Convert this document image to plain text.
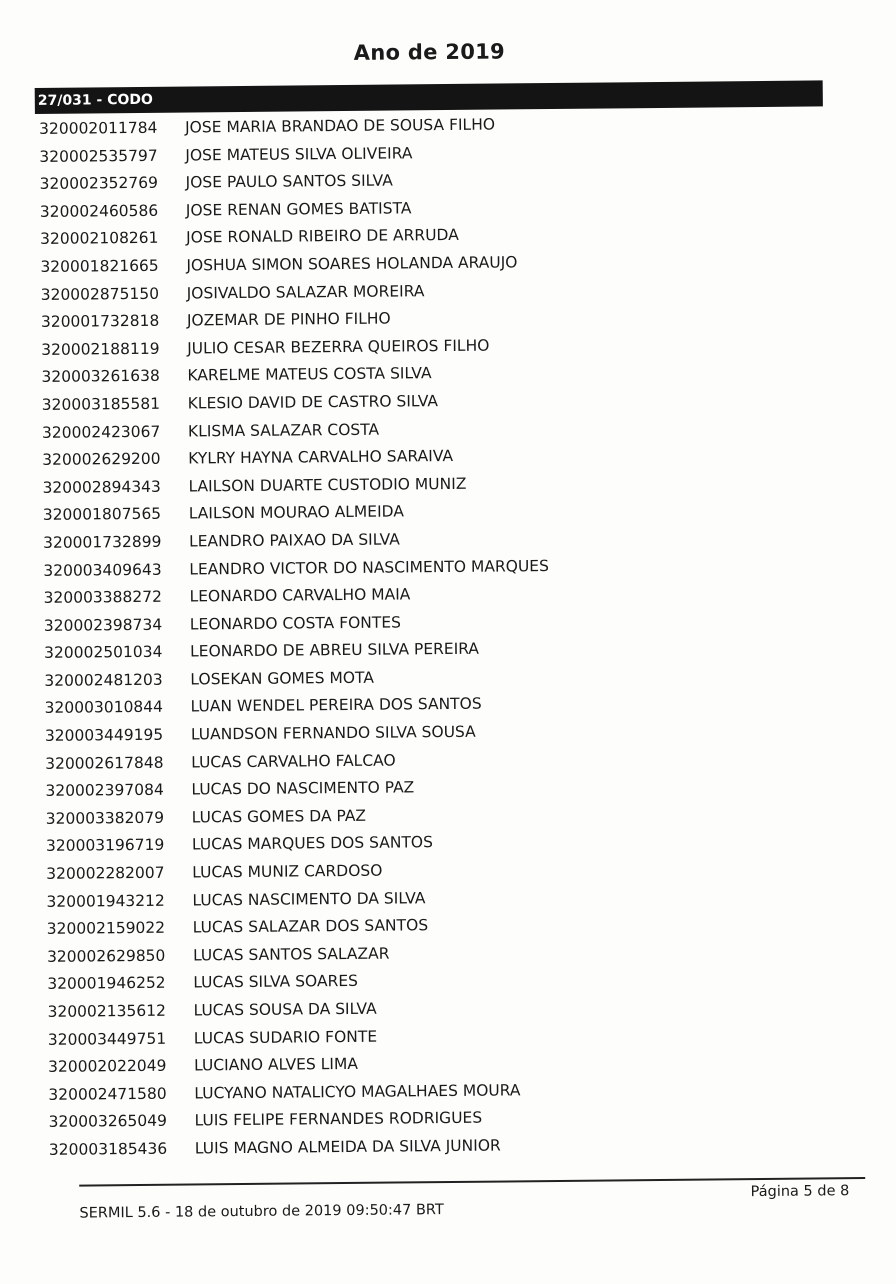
Ano de 2019
27/031 - CODO
320002011784	JOSE MARIA BRANDAO DE SOUSA FILHO
320002535797	JOSE MATEUS SILVA OLIVEIRA
320002352769	JOSE PAULO SANTOS SILVA
320002460586	JOSE RENAN GOMES BATISTA
320002108261	JOSE RONALD RIBEIRO DE ARRUDA
320001821665	JOSHUA SIMON SOARES HOLANDA ARAUJO
320002875150	JOSIVALDO SALAZAR MOREIRA
320001732818	JOZEMAR DE PINHO FILHO
320002188119	JULIO CESAR BEZERRA QUEIROS FILHO
320003261638	KARELME MATEUS COSTA SILVA
320003185581	KLESIO DAVID DE CASTRO SILVA
320002423067	KLISMA SALAZAR COSTA
320002629200	KYLRY HAYNA CARVALHO SARAIVA
320002894343	LAILSON DUARTE CUSTODIO MUNIZ
320001807565	LAILSON MOURAO ALMEIDA
320001732899	LEANDRO PAIXAO DA SILVA
320003409643	LEANDRO VICTOR DO NASCIMENTO MARQUES
320003388272	LEONARDO CARVALHO MAIA
320002398734	LEONARDO COSTA FONTES
320002501034	LEONARDO DE ABREU SILVA PEREIRA
320002481203	LOSEKAN GOMES MOTA
320003010844	LUAN WENDEL PEREIRA DOS SANTOS
320003449195	LUANDSON FERNANDO SILVA SOUSA
320002617848	LUCAS CARVALHO FALCAO
320002397084	LUCAS DO NASCIMENTO PAZ
320003382079	LUCAS GOMES DA PAZ
320003196719	LUCAS MARQUES DOS SANTOS
320002282007	LUCAS MUNIZ CARDOSO
320001943212	LUCAS NASCIMENTO DA SILVA
320002159022	LUCAS SALAZAR DOS SANTOS
320002629850	LUCAS SANTOS SALAZAR
320001946252	LUCAS SILVA SOARES
320002135612	LUCAS SOUSA DA SILVA
320003449751	LUCAS SUDARIO FONTE
320002022049	LUCIANO ALVES LIMA
320002471580	LUCYANO NATALICYO MAGALHAES MOURA
320003265049	LUIS FELIPE FERNANDES RODRIGUES
320003185436	LUIS MAGNO ALMEIDA DA SILVA JUNIOR
SERMIL 5.6 - 18 de outubro de 2019 09:50:47 BRT
Página 5 de 8
